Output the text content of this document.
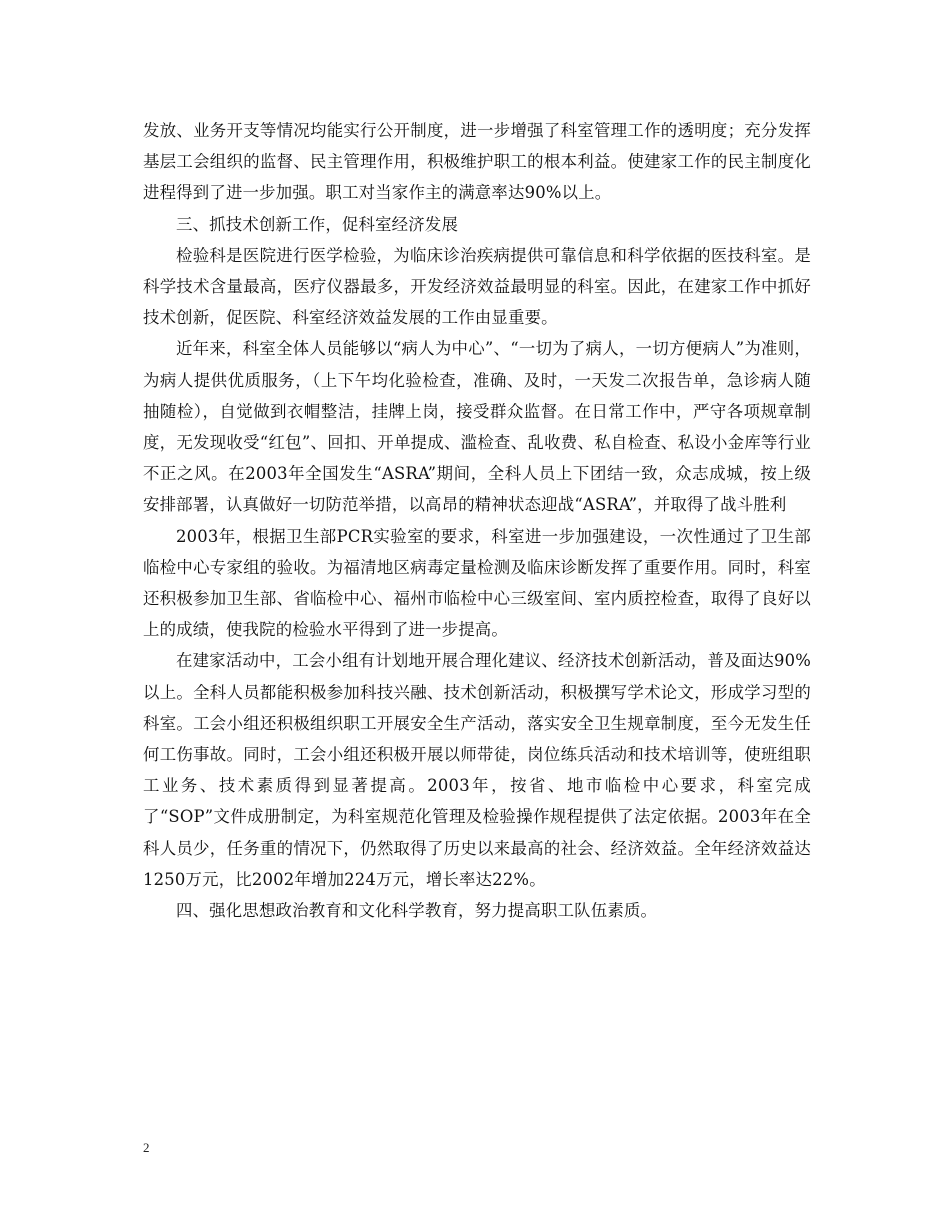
发放、业务开支等情况均能实行公开制度，进一步增强了科室管理工作的透明度；充分发挥基层工会组织的监督、民主管理作用，积极维护职工的根本利益。使建家工作的民主制度化进程得到了进一步加强。职工对当家作主的满意率达90%以上。

三、抓技术创新工作，促科室经济发展

检验科是医院进行医学检验，为临床诊治疾病提供可靠信息和科学依据的医技科室。是科学技术含量最高，医疗仪器最多，开发经济效益最明显的科室。因此，在建家工作中抓好技术创新，促医院、科室经济效益发展的工作由显重要。

近年来，科室全体人员能够以“病人为中心”、“一切为了病人，一切方便病人”为准则，为病人提供优质服务，（上下午均化验检查，准确、及时，一天发二次报告单，急诊病人随抽随检），自觉做到衣帽整洁，挂牌上岗，接受群众监督。在日常工作中，严守各项规章制度，无发现收受“红包”、回扣、开单提成、滥检查、乱收费、私自检查、私设小金库等行业不正之风。在2003年全国发生“ASRA”期间，全科人员上下团结一致，众志成城，按上级安排部署，认真做好一切防范举措，以高昂的精神状态迎战“ASRA”，并取得了战斗胜利

2003年，根据卫生部PCR实验室的要求，科室进一步加强建设，一次性通过了卫生部临检中心专家组的验收。为福清地区病毒定量检测及临床诊断发挥了重要作用。同时，科室还积极参加卫生部、省临检中心、福州市临检中心三级室间、室内质控检查，取得了良好以上的成绩，使我院的检验水平得到了进一步提高。

在建家活动中，工会小组有计划地开展合理化建议、经济技术创新活动，普及面达90%以上。全科人员都能积极参加科技兴融、技术创新活动，积极撰写学术论文，形成学习型的科室。工会小组还积极组织职工开展安全生产活动，落实安全卫生规章制度，至今无发生任何工伤事故。同时，工会小组还积极开展以师带徒，岗位练兵活动和技术培训等，使班组职工业务、技术素质得到显著提高。2003年，按省、地市临检中心要求，科室完成了“SOP”文件成册制定，为科室规范化管理及检验操作规程提供了法定依据。2003年在全科人员少，任务重的情况下，仍然取得了历史以来最高的社会、经济效益。全年经济效益达1250万元，比2002年增加224万元，增长率达22%。

四、强化思想政治教育和文化科学教育，努力提高职工队伍素质。

2
